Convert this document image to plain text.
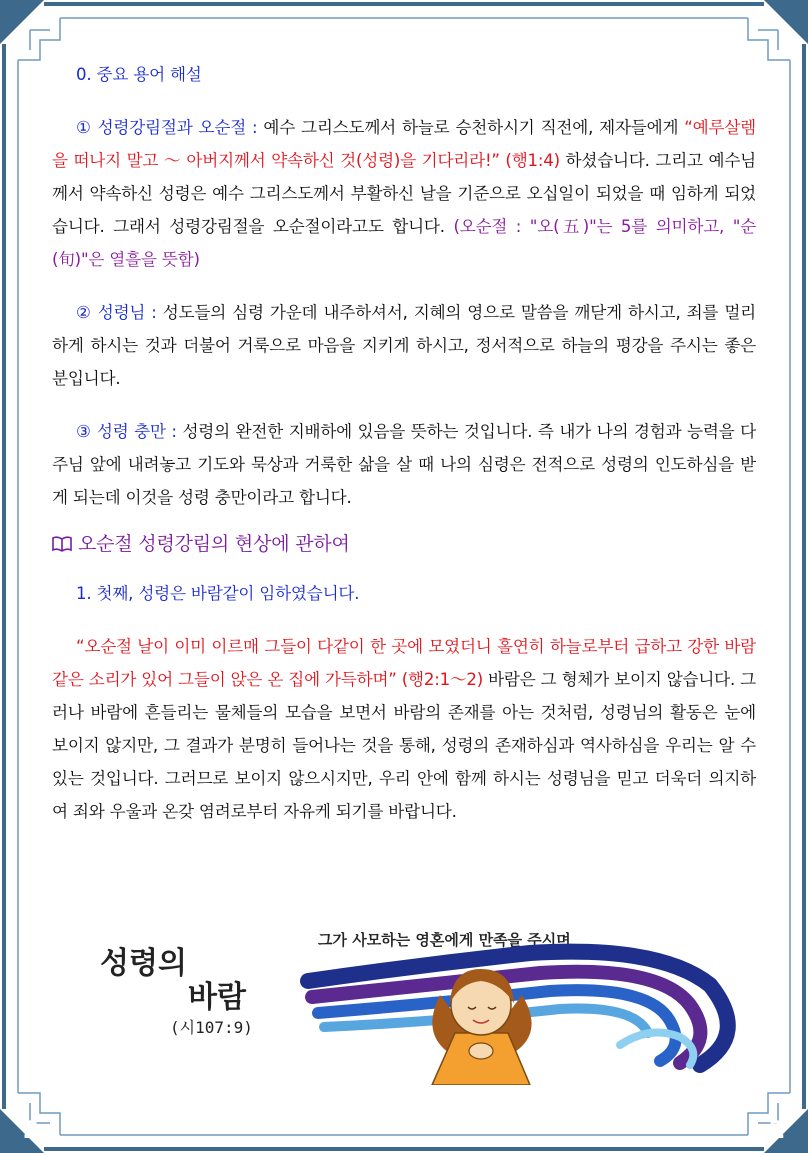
0. 중요 용어 해설

① 성령강림절과 오순절 : 예수 그리스도께서 하늘로 승천하시기 직전에, 제자들에게 “예루살렘을 떠나지 말고 ～ 아버지께서 약속하신 것(성령)을 기다리라!” (행1:4) 하셨습니다. 그리고 예수님께서 약속하신 성령은 예수 그리스도께서 부활하신 날을 기준으로 오십일이 되었을 때 임하게 되었습니다. 그래서 성령강림절을 오순절이라고도 합니다. (오순절 : "오(五)"는 5를 의미하고, "순(旬)"은 열흘을 뜻함)

② 성령님 : 성도들의 심령 가운데 내주하셔서, 지혜의 영으로 말씀을 깨닫게 하시고, 죄를 멀리하게 하시는 것과 더불어 거룩으로 마음을 지키게 하시고, 정서적으로 하늘의 평강을 주시는 좋은 분입니다.

③ 성령 충만 : 성령의 완전한 지배하에 있음을 뜻하는 것입니다. 즉 내가 나의 경험과 능력을 다 주님 앞에 내려놓고 기도와 묵상과 거룩한 삶을 살 때 나의 심령은 전적으로 성령의 인도하심을 받게 되는데 이것을 성령 충만이라고 합니다.

오순절 성령강림의 현상에 관하여

1. 첫째, 성령은 바람같이 임하였습니다.

“오순절 날이 이미 이르매 그들이 다같이 한 곳에 모였더니 홀연히 하늘로부터 급하고 강한 바람 같은 소리가 있어 그들이 앉은 온 집에 가득하며” (행2:1～2) 바람은 그 형체가 보이지 않습니다. 그러나 바람에 흔들리는 물체들의 모습을 보면서 바람의 존재를 아는 것처럼, 성령님의 활동은 눈에 보이지 않지만, 그 결과가 분명히 들어나는 것을 통해, 성령의 존재하심과 역사하심을 우리는 알 수 있는 것입니다. 그러므로 보이지 않으시지만, 우리 안에 함께 하시는 성령님을 믿고 더욱더 의지하여 죄와 우울과 온갖 염려로부터 자유케 되기를 바랍니다.

그가 사모하는 영혼에게 만족을 주시며
성령의
바람
(시107:9)
2	2
